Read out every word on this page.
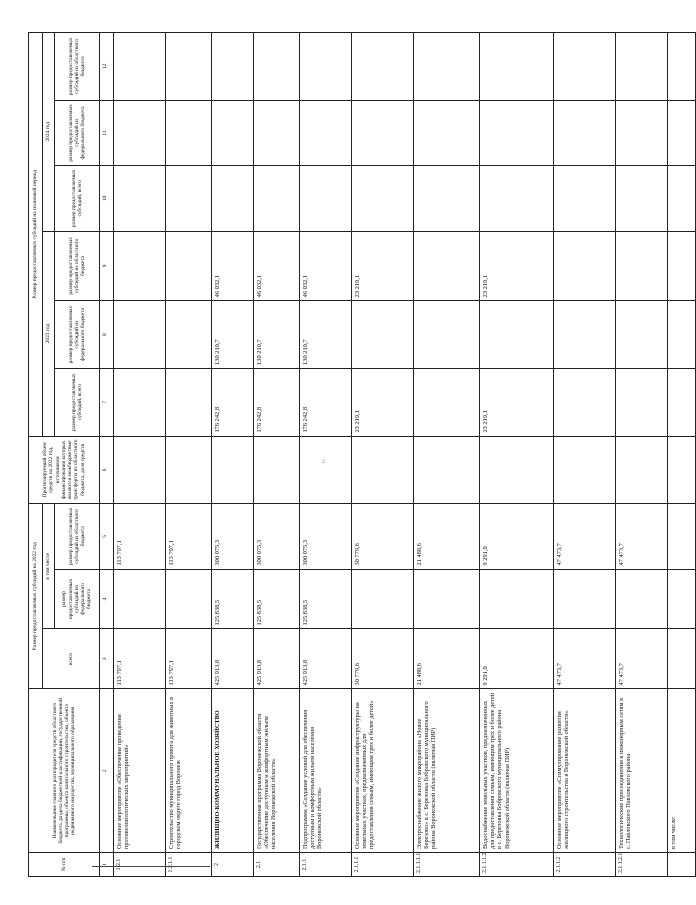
2
№ п/п	Наименование главного распорядителя средств областного бюджета, раздела бюджетной классификации, государственной программы, объекта капитального строительства, объекта недвижимого имущества, муниципального образования	Размер предоставляемых субсидий на 2022 год			Прогнозируемый объем средств на 2022 год, источником финансирования которых являются межбюджетные трансферты из областного бюджета, доля средств	Размер предоставляемых субсидий на плановый период					
		всего	в том числе			2023 год			2024 год		
			размер предоставляемых субсидий из федерального бюджета	размер предоставляемых субсидий из областного бюджета		размер предоставляемых субсидий, всего	размер предоставляемых субсидий из федерального бюджета	размер предоставляемых субсидий из областного бюджета	размер предоставляемых субсидий, всего	размер предоставляемых субсидий из федерального бюджета	размер предоставляемых субсидий из областного бюджета

1	2	3	4	5	6	7	8	9	10	11	12
1.2.1	Основное мероприятие «Обеспечение проведения противоэпизоотических мероприятий»	113 797,1		113 797,1							
1.2.1.1	Строительство муниципального приюта для животных в городском округе город Воронеж	113 797,1		113 797,1							
2	ЖИЛИЩНО-КОММУНАЛЬНОЕ ХОЗЯЙСТВО	425 913,8	125 838,5	300 075,3		176 242,8	130 210,7	46 032,1			
2.1	Государственная программа Воронежской области «Обеспечение доступным и комфортным жильем населения Воронежской области»	425 913,8	125 838,5	300 075,3		176 242,8	130 210,7	46 032,1			
2.1.1	Подпрограмма «Создание условий для обеспечения доступным и комфортным жильем населения Воронежской области»	425 913,8	125 838,5	300 075,3		176 242,8	130 210,7	46 032,1			
2.1.1.1	Основное мероприятие «Создание инфраструктуры на земельных участках, предназначенных для предоставления семьям, имеющим трех и более детей»	30 779,6		30 779,6		23 219,1		23 219,1			
2.1.1.1.1	Электроснабжение жилого микрорайона «Новое Березово» в с. Березовка Бобровского муниципального района Воронежской области (включая ПИР)	21 488,6		21 488,6							
2.1.1.1.2	Водоснабжение земельных участков, предназначенных для предоставления семьям, имеющим трех и более детей в с. Березовка Бобровского муниципального района Воронежской области (включая ПИР)	9 291,0		9 291,0		23 219,1		23 219,1			
2.1.1.2	Основное мероприятие «Стимулирование развития жилищного строительства в Воронежской области»	47 473,7		47 473,7							
2.1.1.2.1	Технологические присоединения к инженерным сетям в с. Павловского Павловского района	47 473,7		47 473,7							
	в том числе:										
